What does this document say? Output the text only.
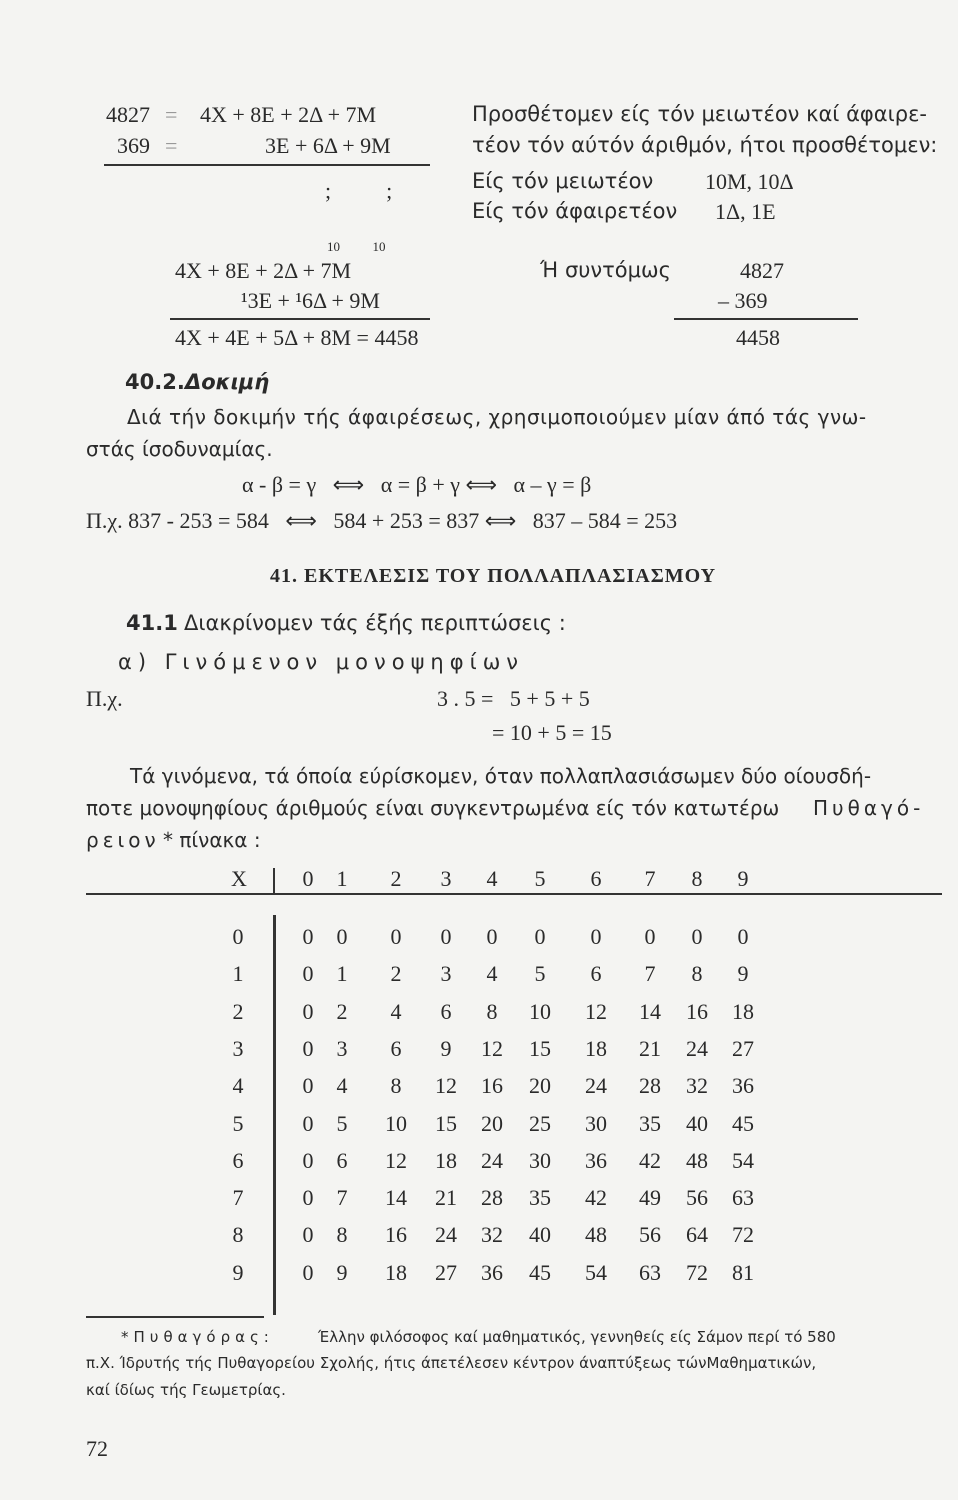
4827 = 4X + 8E + 2Δ + 7M
369 =	3E + 6Δ + 9M
;          ;
10          10
4X + 8E + 2Δ + 7M
¹3E + ¹6Δ + 9M
4X + 4E + 5Δ + 8M = 4458
Προσθέτομεν είς τόν μειωτέον καί άφαιρε-
τέον τόν αύτόν άριθμόν, ήτοι προσθέτομεν:
Είς τόν μειωτέον 10Μ, 10Δ
Είς τόν άφαιρετέον 1Δ, 1Ε
Ή συντόμως	4827
– 369
4458
40.2. Δοκιμή
Διά τήν δοκιμήν τής άφαιρέσεως, χρησιμοποιούμεν μίαν άπό τάς γνω-
στάς ίσοδυναμίας.
α - β = γ   ⟺   α = β + γ ⟺   α – γ = β
Π.χ. 837 - 253 = 584   ⟺   584 + 253 = 837 ⟺   837 – 584 = 253
41. ΕΚΤΕΛΕΣΙΣ ΤΟΥ ΠΟΛΛΑΠΛΑΣΙΑΣΜΟΥ
41.1 Διακρίνομεν τάς έξής περιπτώσεις :
α) Γινόμενον μονοψηφίων
Π.χ.	3 . 5 =   5 + 5 + 5
= 10 + 5 = 15
Τά γινόμενα, τά όποία εύρίσκομεν, όταν πολλαπλασιάσωμεν δύο οίουσδή-
ποτε μονοψηφίους άριθμούς είναι συγκεντρωμένα είς τόν κατωτέρω Πυθαγό-
ρειον * πίνακα :
X	0	1	2	3	4	5	6	7	8	9
0	0	0	0	0	0	0	0	0	0	0
1	0	1	2	3	4	5	6	7	8	9
2	0	2	4	6	8	10	12	14	16	18
3	0	3	6	9	12	15	18	21	24	27
4	0	4	8	12	16	20	24	28	32	36
5	0	5	10	15	20	25	30	35	40	45
6	0	6	12	18	24	30	36	42	48	54
7	0	7	14	21	28	35	42	49	56	63
8	0	8	16	24	32	40	48	56	64	72
9	0	9	18	27	36	45	54	63	72	81
*Πυθαγόρας:	Έλλην φιλόσοφος καί μαθηματικός, γεννηθείς είς Σάμον περί τό 580
π.Χ. Ίδρυτής τής Πυθαγορείου Σχολής, ήτις άπετέλεσεν κέντρον άναπτύξεως τώνΜαθηματικών,
καί ίδίως τής Γεωμετρίας.
72
